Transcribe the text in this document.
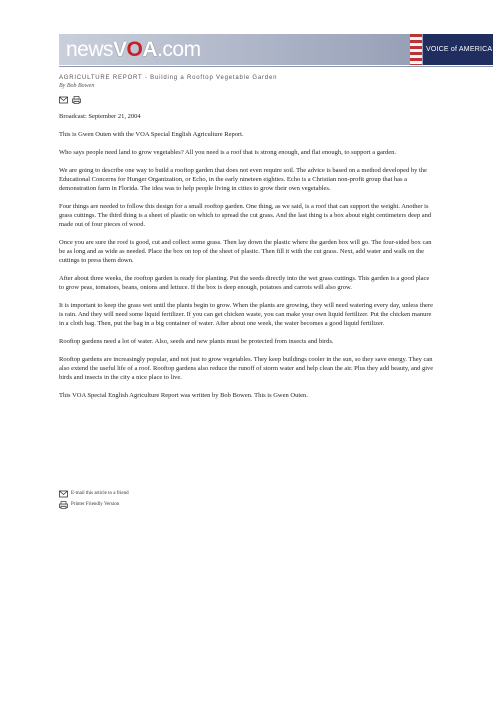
news V O A .com	VOICE of AMERICA
AGRICULTURE REPORT - Building a Rooftop Vegetable Garden
By Bob Bowen

Broadcast: September 21, 2004

This is Gwen Outen with the VOA Special English Agriculture Report.

Who says people need land to grow vegetables? All you need is a roof that is strong enough, and flat enough, to support a garden.

We are going to describe one way to build a rooftop garden that does not even require soil. The advice is based on a method developed by the Educational Concerns for Hunger Organization, or Echo, in the early nineteen eighties. Echo is a Christian non-profit group that has a demonstration farm in Florida. The idea was to help people living in cities to grow their own vegetables.

Four things are needed to follow this design for a small rooftop garden. One thing, as we said, is a roof that can support the weight. Another is grass cuttings. The third thing is a sheet of plastic on which to spread the cut grass. And the last thing is a box about eight centimeters deep and made out of four pieces of wood.

Once you are sure the roof is good, cut and collect some grass. Then lay down the plastic where the garden box will go. The four-sided box can be as long and as wide as needed. Place the box on top of the sheet of plastic. Then fill it with the cut grass. Next, add water and walk on the cuttings to press them down.

After about three weeks, the rooftop garden is ready for planting. Put the seeds directly into the wet grass cuttings. This garden is a good place to grow peas, tomatoes, beans, onions and lettuce. If the box is deep enough, potatoes and carrots will also grow.

It is important to keep the grass wet until the plants begin to grow. When the plants are growing, they will need watering every day, unless there is rain. And they will need some liquid fertilizer. If you can get chicken waste, you can make your own liquid fertilizer. Put the chicken manure in a cloth bag. Then, put the bag in a big container of water. After about one week, the water becomes a good liquid fertilizer.

Rooftop gardens need a lot of water. Also, seeds and new plants must be protected from insects and birds.

Rooftop gardens are increasingly popular, and not just to grow vegetables. They keep buildings cooler in the sun, so they save energy. They can also extend the useful life of a roof. Rooftop gardens also reduce the runoff of storm water and help clean the air. Plus they add beauty, and give birds and insects in the city a nice place to live.

This VOA Special English Agriculture Report was written by Bob Bowen. This is Gwen Outen.

E-mail this article to a friend
Printer Friendly Version
